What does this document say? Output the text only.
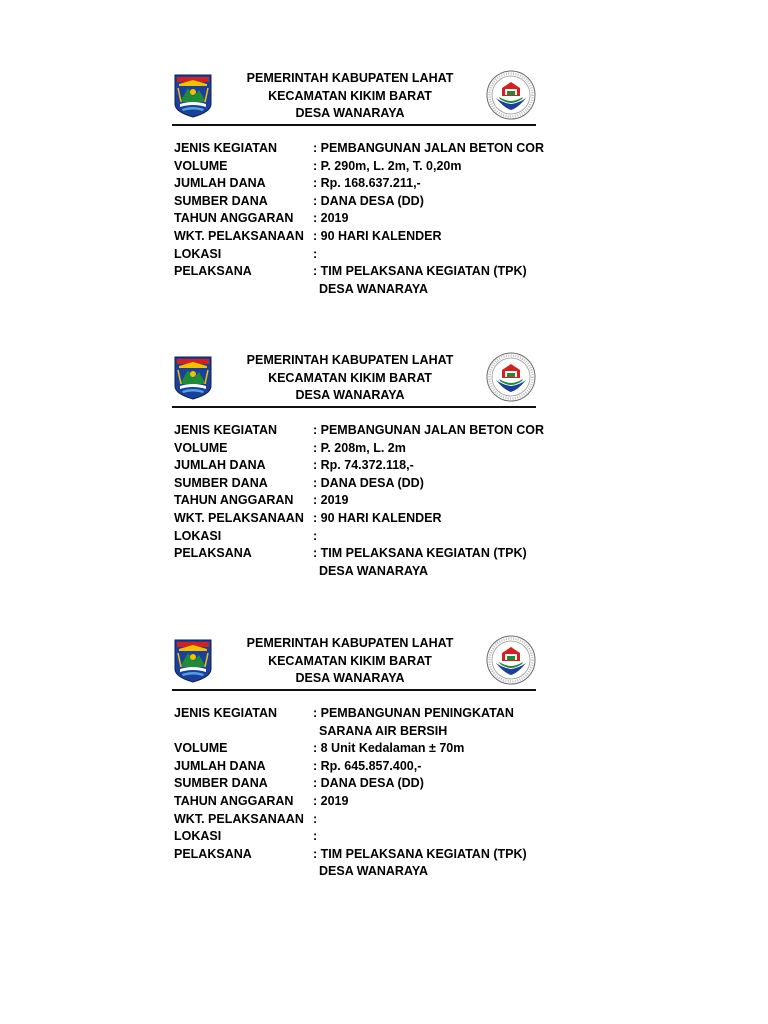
PEMERINTAH KABUPATEN LAHAT
KECAMATAN KIKIM BARAT
DESA WANARAYA
JENIS KEGIATAN	: PEMBANGUNAN JALAN BETON COR
VOLUME	: P. 290m, L. 2m, T. 0,20m
JUMLAH DANA	: Rp. 168.637.211,-
SUMBER DANA	: DANA DESA (DD)
TAHUN ANGGARAN	: 2019
WKT. PELAKSANAAN : 90 HARI KALENDER
LOKASI	:
PELAKSANA	: TIM PELAKSANA KEGIATAN (TPK)
DESA WANARAYA
PEMERINTAH KABUPATEN LAHAT
KECAMATAN KIKIM BARAT
DESA WANARAYA
JENIS KEGIATAN	: PEMBANGUNAN JALAN BETON COR
VOLUME	: P. 208m, L. 2m
JUMLAH DANA	: Rp. 74.372.118,-
SUMBER DANA	: DANA DESA (DD)
TAHUN ANGGARAN	: 2019
WKT. PELAKSANAAN : 90 HARI KALENDER
LOKASI	:
PELAKSANA	: TIM PELAKSANA KEGIATAN (TPK)
DESA WANARAYA
PEMERINTAH KABUPATEN LAHAT
KECAMATAN KIKIM BARAT
DESA WANARAYA
JENIS KEGIATAN	: PEMBANGUNAN PENINGKATAN
SARANA AIR BERSIH
VOLUME	: 8 Unit Kedalaman ± 70m
JUMLAH DANA	: Rp. 645.857.400,-
SUMBER DANA	: DANA DESA (DD)
TAHUN ANGGARAN	: 2019
WKT. PELAKSANAAN :
LOKASI	:
PELAKSANA	: TIM PELAKSANA KEGIATAN (TPK)
DESA WANARAYA
